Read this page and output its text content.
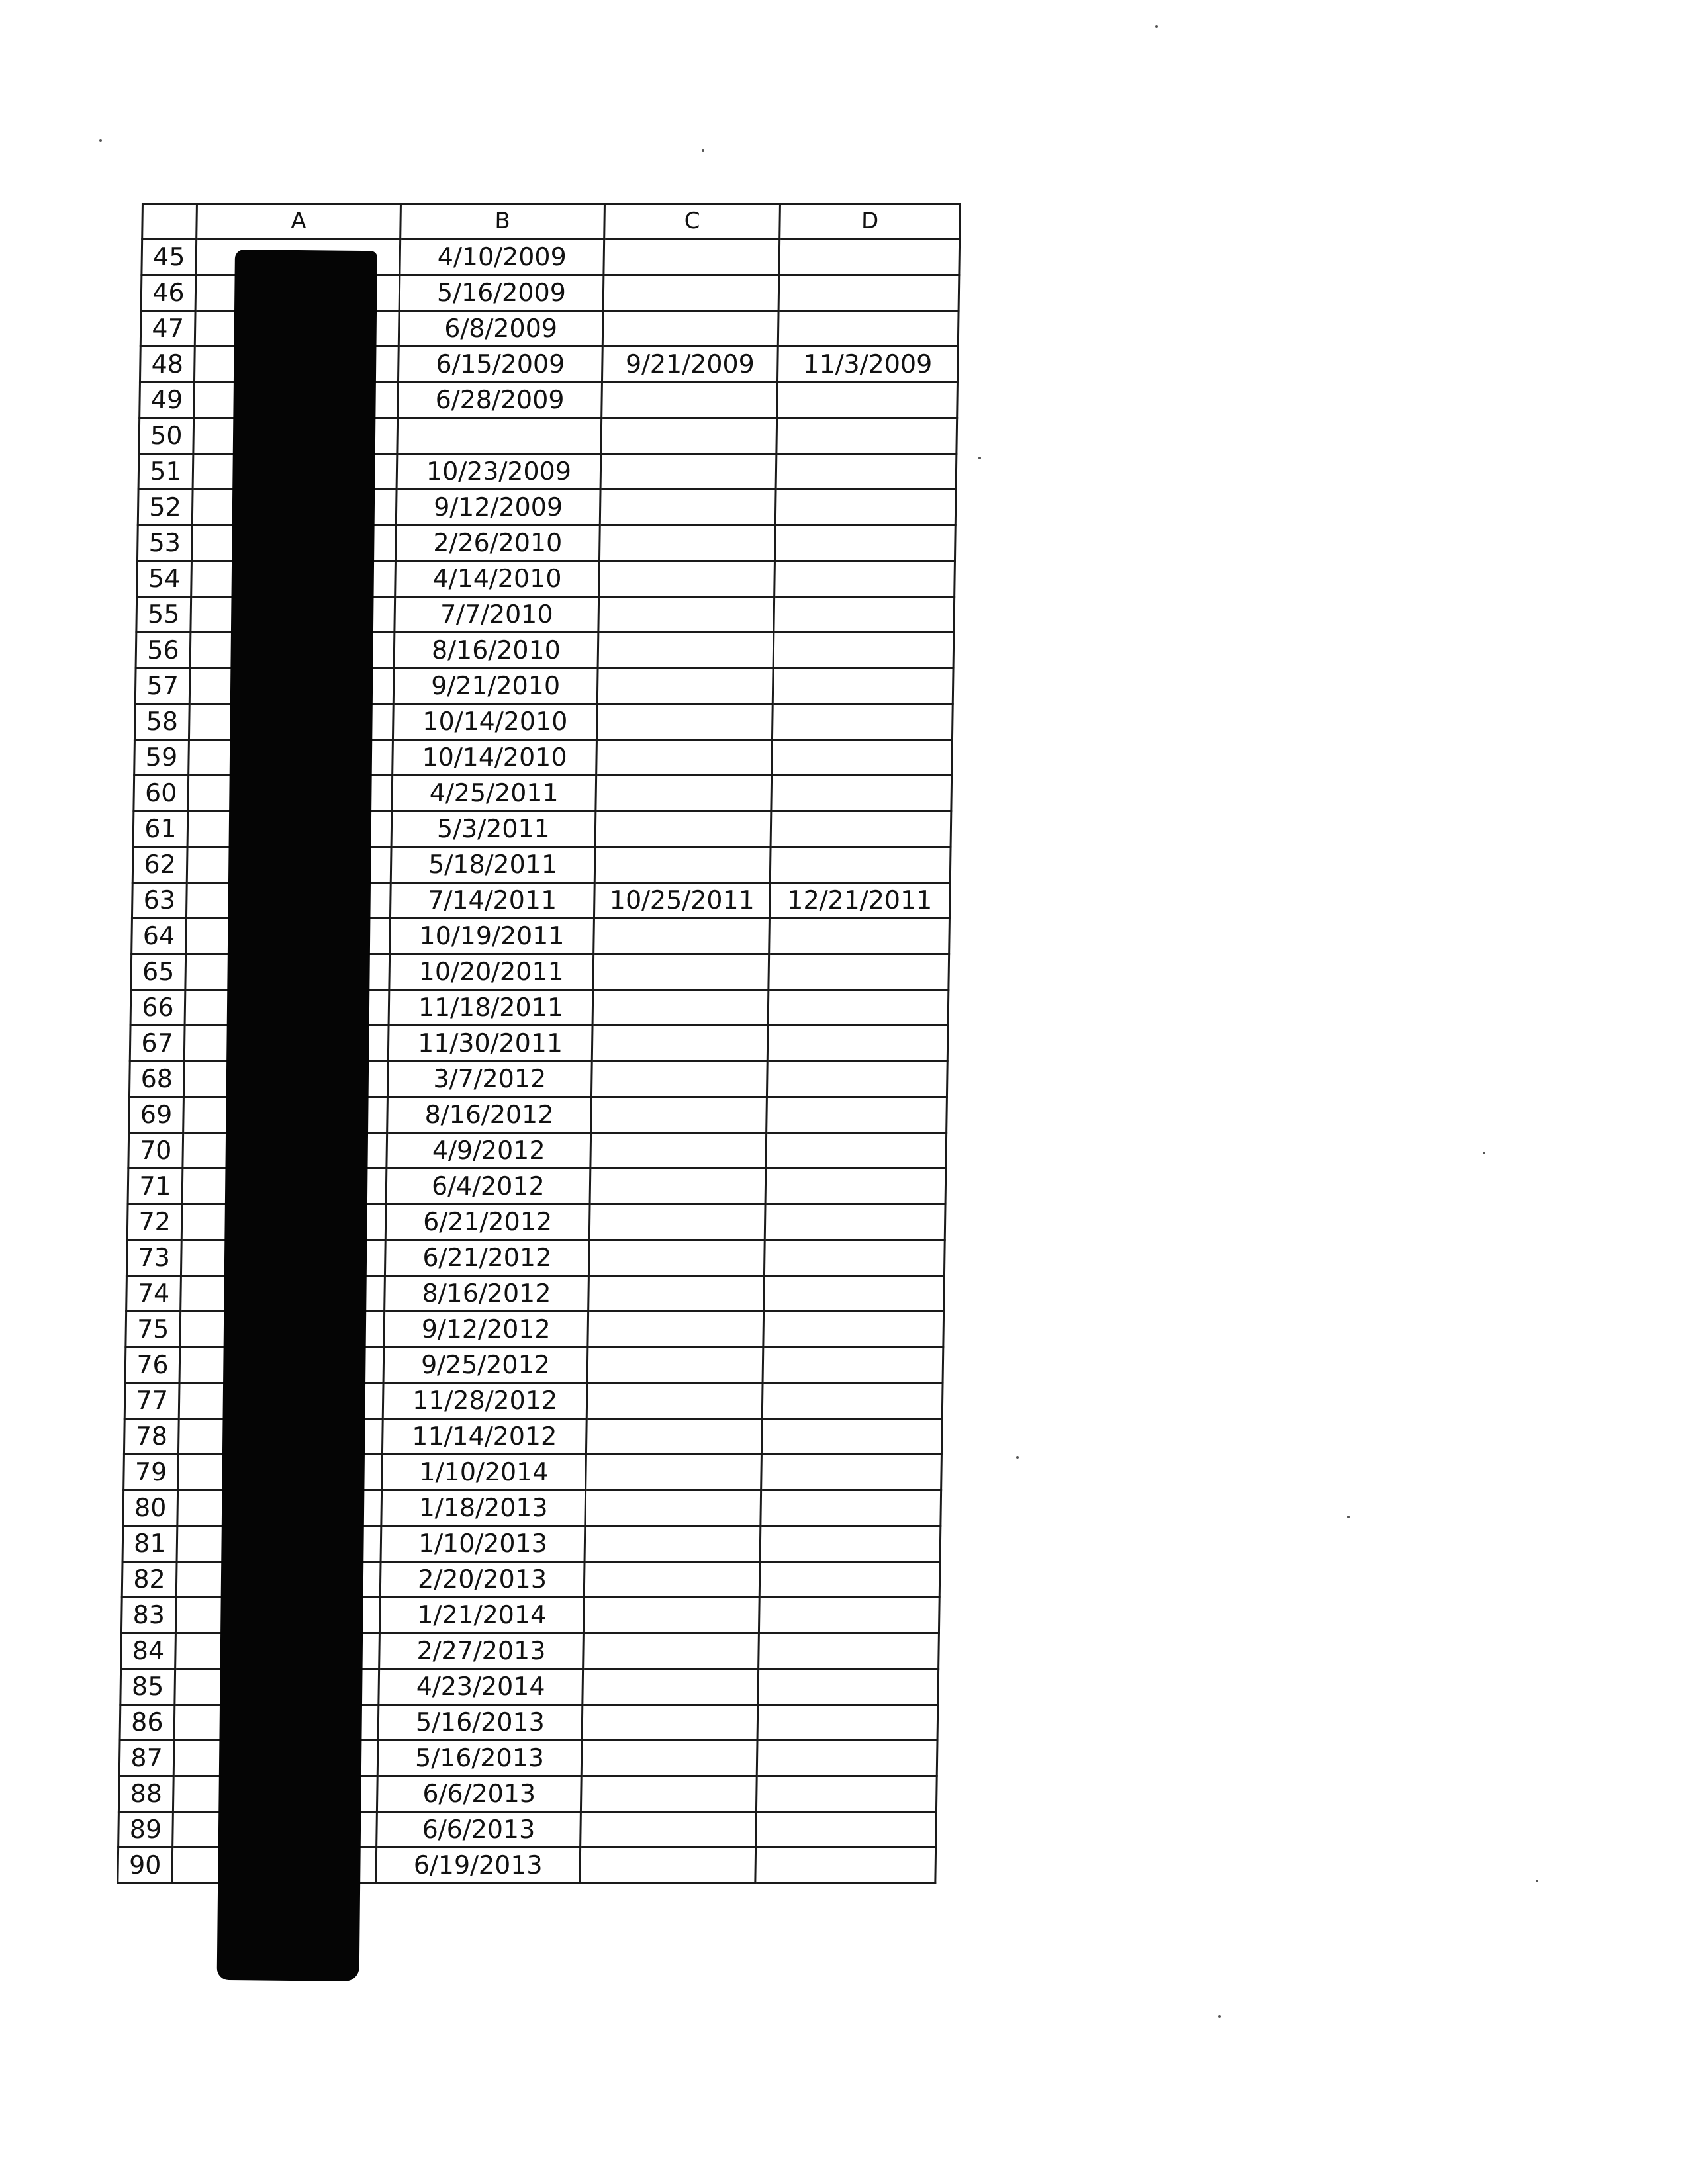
	A	B	C	D
45		4/10/2009		
46		5/16/2009		
47		6/8/2009		
48		6/15/2009	9/21/2009	11/3/2009
49		6/28/2009		
50				
51		10/23/2009		
52		9/12/2009		
53		2/26/2010		
54		4/14/2010		
55		7/7/2010		
56		8/16/2010		
57		9/21/2010		
58		10/14/2010		
59		10/14/2010		
60		4/25/2011		
61		5/3/2011		
62		5/18/2011		
63		7/14/2011	10/25/2011	12/21/2011
64		10/19/2011		
65		10/20/2011		
66		11/18/2011		
67		11/30/2011		
68		3/7/2012		
69		8/16/2012		
70		4/9/2012		
71		6/4/2012		
72		6/21/2012		
73		6/21/2012		
74		8/16/2012		
75		9/12/2012		
76		9/25/2012		
77		11/28/2012		
78		11/14/2012		
79		1/10/2014		
80		1/18/2013		
81		1/10/2013		
82		2/20/2013		
83		1/21/2014		
84		2/27/2013		
85		4/23/2014		
86		5/16/2013		
87		5/16/2013		
88		6/6/2013		
89		6/6/2013		
90		6/19/2013		
